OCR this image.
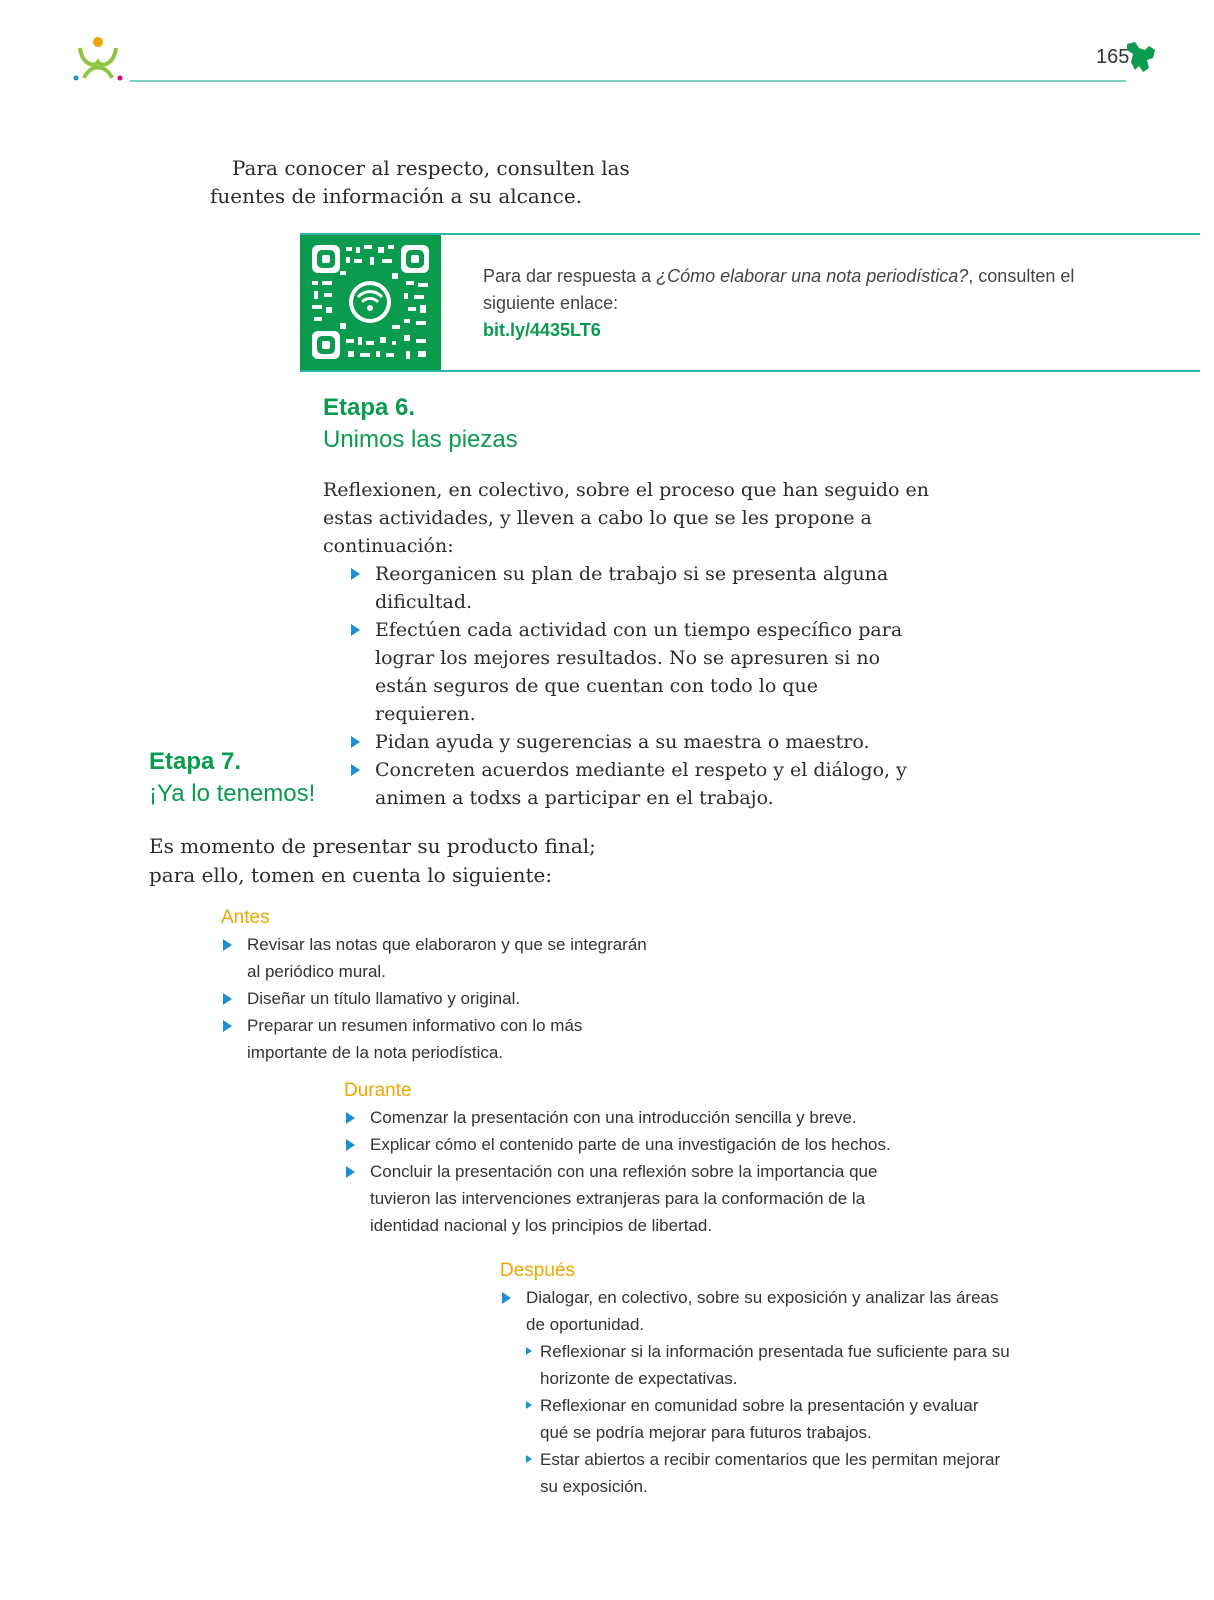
165

Para conocer al respecto, consulten las

fuentes de información a su alcance.

Para dar respuesta a ¿Cómo elaborar una nota periodística?, consulten el siguiente enlace:
bit.ly/4435LT6

Etapa 6.

Unimos las piezas

Reflexionen, en colectivo, sobre el proceso que han seguido en estas actividades, y lleven a cabo lo que se les propone a continuación:

Reorganicen su plan de trabajo si se presenta alguna dificultad.
Efectúen cada actividad con un tiempo específico para lograr los mejores resultados. No se apresuren si no están seguros de que cuentan con todo lo que requieren.
Pidan ayuda y sugerencias a su maestra o maestro.
Concreten acuerdos mediante el respeto y el diálogo, y animen a todxs a participar en el trabajo.

Etapa 7.

¡Ya lo tenemos!

Es momento de presentar su producto final;
para ello, tomen en cuenta lo siguiente:

Antes

Revisar las notas que elaboraron y que se integrarán al periódico mural.
Diseñar un título llamativo y original.
Preparar un resumen informativo con lo más importante de la nota periodística.

Durante

Comenzar la presentación con una introducción sencilla y breve.
Explicar cómo el contenido parte de una investigación de los hechos.
Concluir la presentación con una reflexión sobre la importancia que tuvieron las intervenciones extranjeras para la conformación de la identidad nacional y los principios de libertad.

Después

Dialogar, en colectivo, sobre su exposición y analizar las áreas de oportunidad.
Reflexionar si la información presentada fue suficiente para su horizonte de expectativas.
Reflexionar en comunidad sobre la presentación y evaluar qué se podría mejorar para futuros trabajos.
Estar abiertos a recibir comentarios que les permitan mejorar su exposición.
